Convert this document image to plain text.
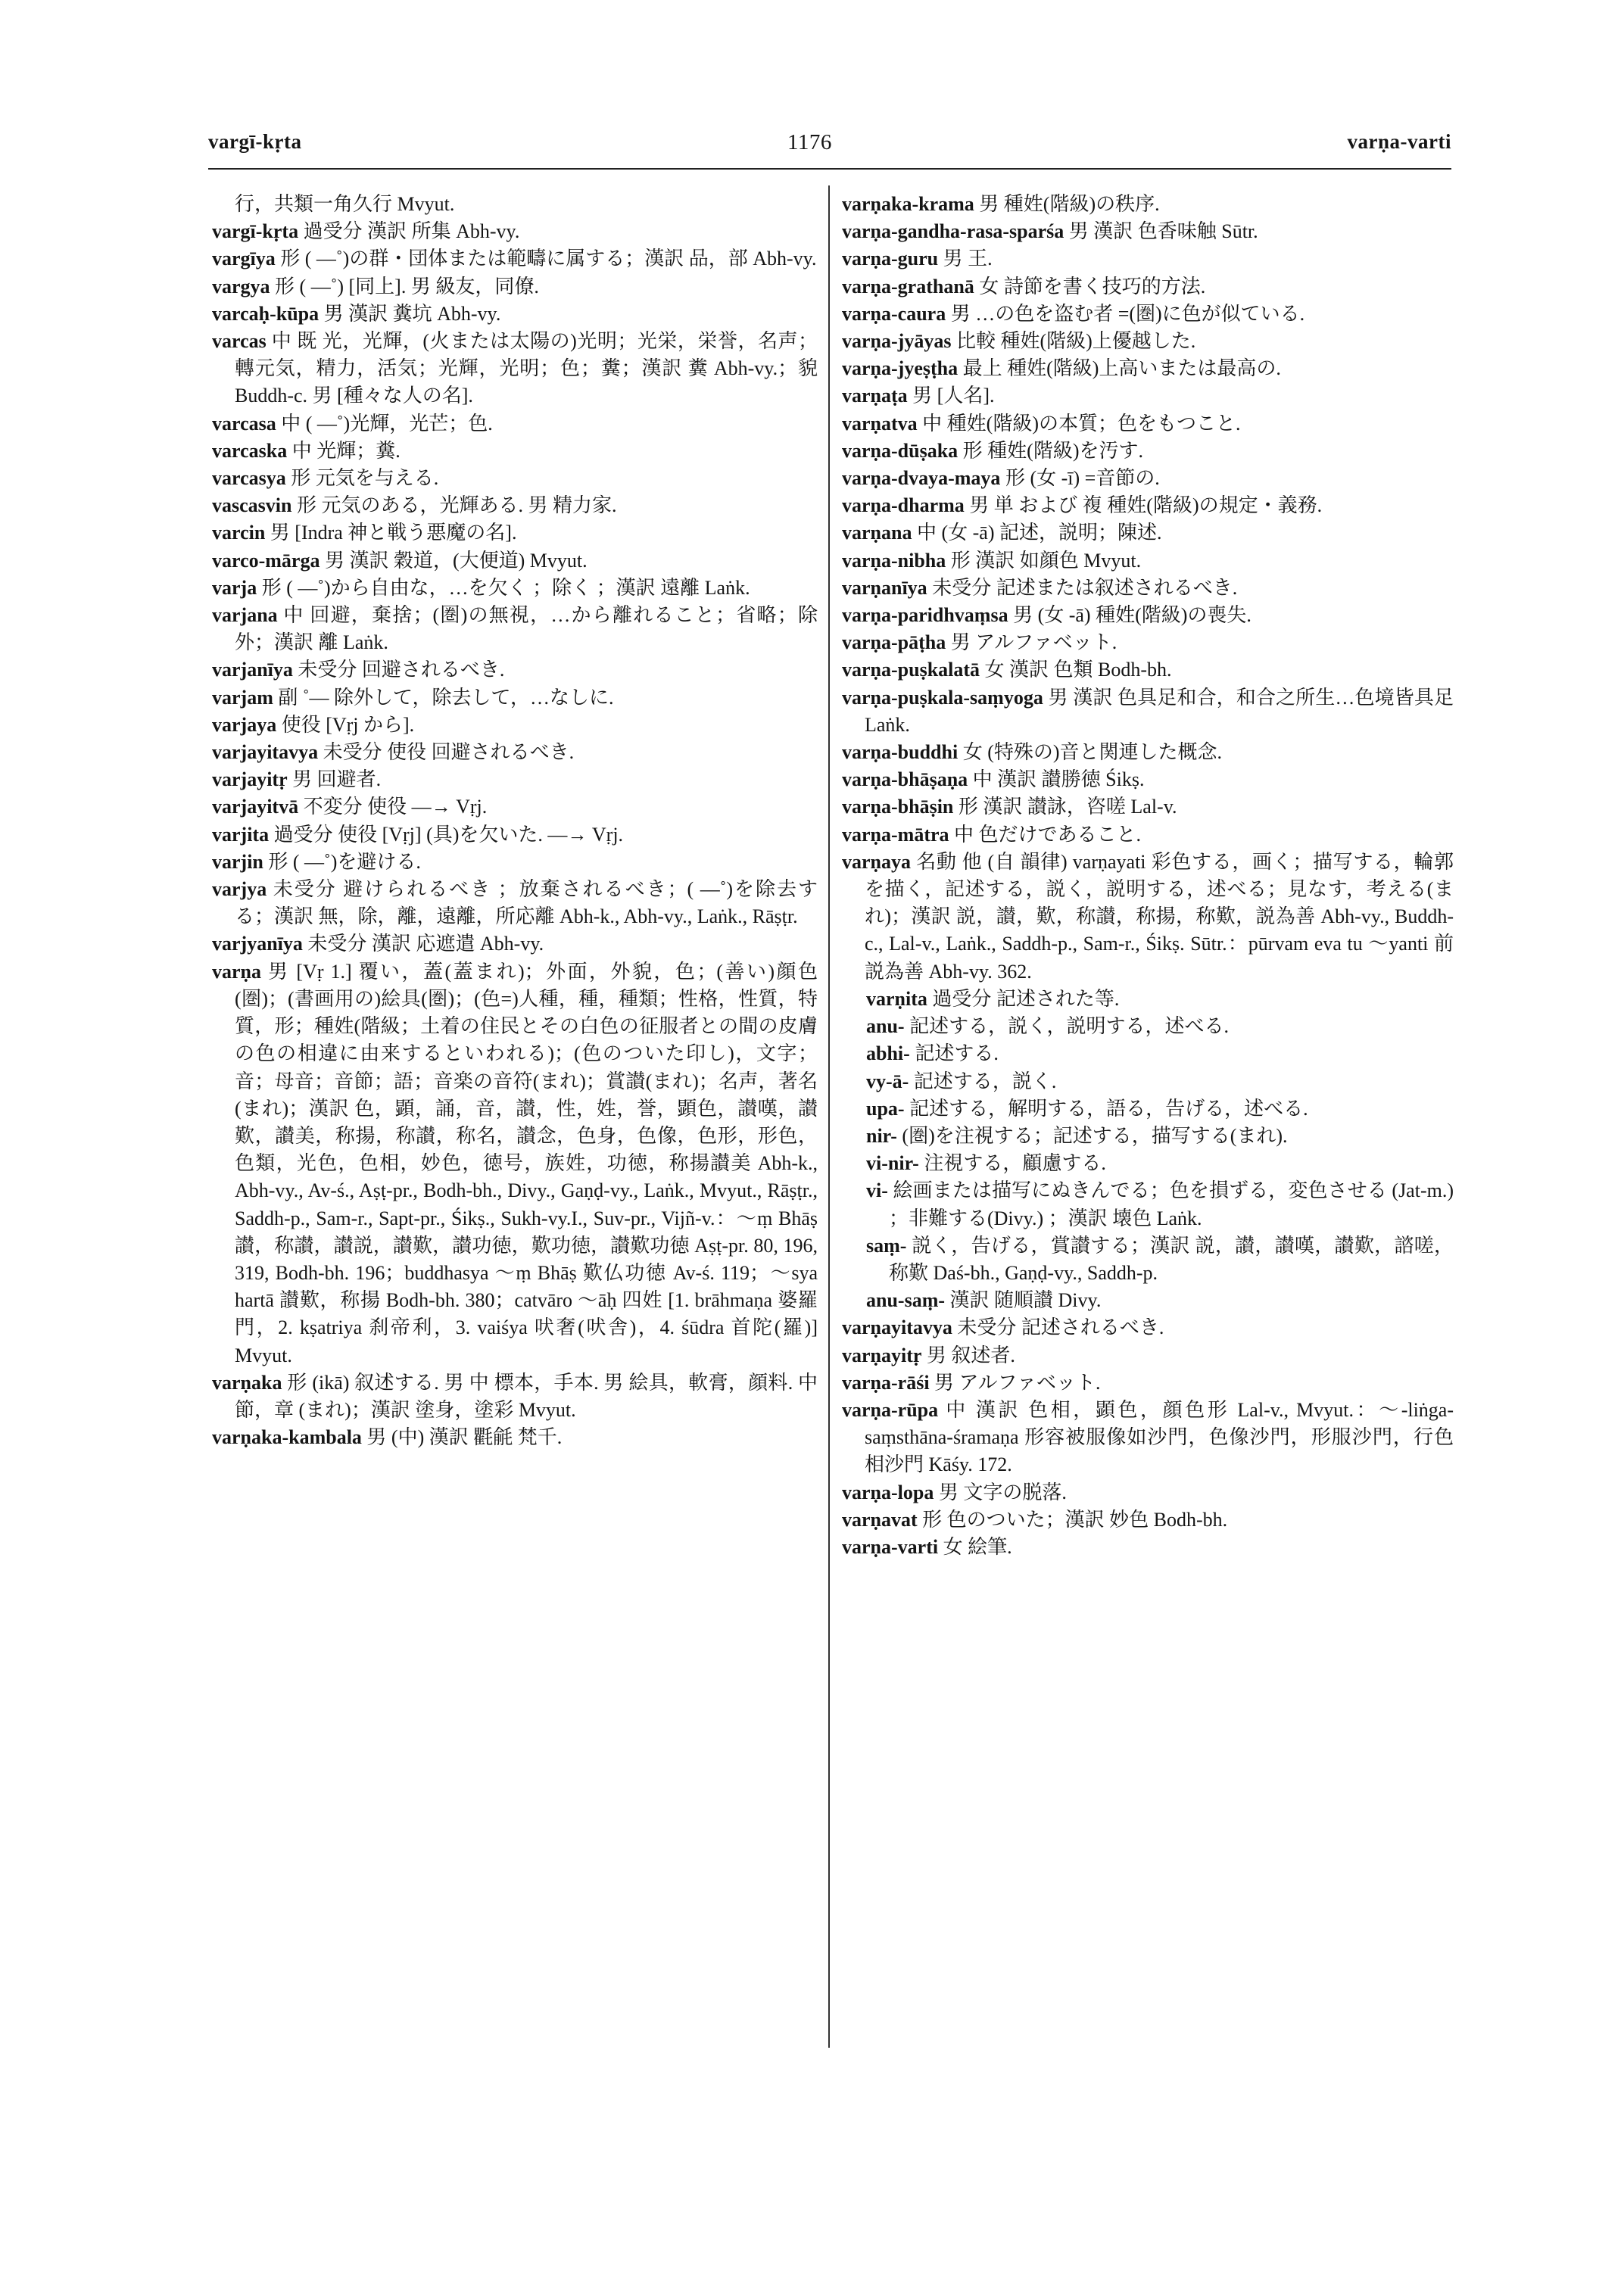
vargī-kṛta	1176	varṇa-varti

行，共類一角久行 Mvyut.

vargī-kṛta 過受分 漢訳 所集 Abh-vy.

vargīya 形 ( —˚)の群・団体または範疇に属する；漢訳 品，部 Abh-vy.

vargya 形 ( —˚) [同上]. 男 級友，同僚.

varcaḥ-kūpa 男 漢訳 糞坑 Abh-vy.

varcas 中 既 光，光輝，(火または太陽の)光明；光栄，栄誉，名声；轉元気，精力，活気；光輝，光明；色；糞；漢訳 糞 Abh-vy.；貌 Buddh-c. 男 [種々な人の名].

varcasa 中 ( —˚)光輝，光芒；色.

varcaska 中 光輝；糞.

varcasya 形 元気を与える.

vascasvin 形 元気のある，光輝ある. 男 精力家.

varcin 男 [Indra 神と戦う悪魔の名].

varco-mārga 男 漢訳 穀道，(大便道) Mvyut.

varja 形 ( —˚)から自由な，…を欠く ；除く ；漢訳 遠離 Laṅk.

varjana 中 回避，棄捨；(圏)の無視，…から離れること；省略；除外；漢訳 離 Laṅk.

varjanīya 未受分 回避されるべき.

varjam 副 ˚— 除外して，除去して，…なしに.

varjaya 使役 [Vṛj から].

varjayitavya 未受分 使役 回避されるべき.

varjayitṛ 男 回避者.

varjayitvā 不変分 使役 —→ Vṛj.

varjita 過受分 使役 [Vṛj] (具)を欠いた. —→ Vṛj.

varjin 形 ( —˚)を避ける.

varjya 未受分 避けられるべき ；放棄されるべき；( —˚)を除去する；漢訳 無，除，離，遠離，所応離 Abh-k., Abh-vy., Laṅk., Rāṣṭr.

varjyanīya 未受分 漢訳 応遮遣 Abh-vy.

varṇa 男 [Vṛ 1.] 覆い，蓋(蓋まれ)；外面，外貌，色；(善い)顔色(圏)；(書画用の)絵具(圏)；(色=)人種，種，種類；性格，性質，特質，形；種姓(階級；土着の住民とその白色の征服者との間の皮膚の色の相違に由来するといわれる)；(色のついた印し)，文字；音；母音；音節；語；音楽の音符(まれ)；賞讃(まれ)；名声，著名(まれ)；漢訳 色，顕，誦，音，讃，性，姓，誉，顕色，讃嘆，讃歎，讃美，称揚，称讃，称名，讃念，色身，色像，色形，形色，色類，光色，色相，妙色，徳号，族姓，功徳，称揚讃美 Abh-k., Abh-vy., Av-ś., Aṣṭ-pr., Bodh-bh., Divy., Gaṇḍ-vy., Laṅk., Mvyut., Rāṣṭr., Saddh-p., Sam-r., Sapt-pr., Śikṣ., Sukh-vy.I., Suv-pr., Vijñ-v.：〜ṃ Bhāṣ 讃，称讃，讃説，讃歎，讃功徳，歎功徳，讃歎功徳 Aṣṭ-pr. 80, 196, 319, Bodh-bh. 196；buddhasya 〜ṃ Bhāṣ 歎仏功徳 Av-ś. 119；〜sya hartā 讃歎，称揚 Bodh-bh. 380；catvāro 〜āḥ 四姓 [1. brāhmaṇa 婆羅門，2. kṣatriya 刹帝利，3. vaiśya 吠奢(吠舎)，4. śūdra 首陀(羅)] Mvyut.

varṇaka 形 (ikā) 叙述する. 男 中 標本，手本. 男 絵具，軟膏，顔料. 中 節，章 (まれ)；漢訳 塗身，塗彩 Mvyut.

varṇaka-kambala 男 (中) 漢訳 氍毹 梵千.

varṇaka-krama 男 種姓(階級)の秩序.

varṇa-gandha-rasa-sparśa 男 漢訳 色香味触 Sūtr.

varṇa-guru 男 王.

varṇa-grathanā 女 詩節を書く技巧的方法.

varṇa-caura 男 …の色を盗む者 =(圏)に色が似ている.

varṇa-jyāyas 比較 種姓(階級)上優越した.

varṇa-jyeṣṭha 最上 種姓(階級)上高いまたは最高の.

varṇaṭa 男 [人名].

varṇatva 中 種姓(階級)の本質；色をもつこと.

varṇa-dūṣaka 形 種姓(階級)を汚す.

varṇa-dvaya-maya 形 (女 -ī) =音節の.

varṇa-dharma 男 単 および 複 種姓(階級)の規定・義務.

varṇana 中 (女 -ā) 記述，説明；陳述.

varṇa-nibha 形 漢訳 如顔色 Mvyut.

varṇanīya 未受分 記述または叙述されるべき.

varṇa-paridhvaṃsa 男 (女 -ā) 種姓(階級)の喪失.

varṇa-pāṭha 男 アルファベット.

varṇa-puṣkalatā 女 漢訳 色類 Bodh-bh.

varṇa-puṣkala-saṃyoga 男 漢訳 色具足和合，和合之所生…色境皆具足 Laṅk.

varṇa-buddhi 女 (特殊の)音と関連した概念.

varṇa-bhāṣaṇa 中 漢訳 讃勝徳 Śikṣ.

varṇa-bhāṣin 形 漢訳 讃詠，咨嗟 Lal-v.

varṇa-mātra 中 色だけであること.

varṇaya 名動 他 (自 韻律) varṇayati 彩色する，画く；描写する，輪郭を描く，記述する，説く，説明する，述べる；見なす，考える(まれ)；漢訳 説，讃，歎，称讃，称揚，称歎，説為善 Abh-vy., Buddh-c., Lal-v., Laṅk., Saddh-p., Sam-r., Śikṣ. Sūtr.：pūrvam eva tu 〜yanti 前説為善 Abh-vy. 362.

varṇita 過受分 記述された等.

anu- 記述する，説く，説明する，述べる.

abhi- 記述する.

vy-ā- 記述する，説く.

upa- 記述する，解明する，語る，告げる，述べる.

nir- (圏)を注視する；記述する，描写する(まれ).

vi-nir- 注視する，顧慮する.

vi- 絵画または描写にぬきんでる；色を損ずる，変色させる (Jat-m.) ；非難する(Divy.) ；漢訳 壊色 Laṅk.

saṃ- 説く，告げる，賞讃する；漢訳 説，讃，讃嘆，讃歎，諮嗟，称歎 Daś-bh., Gaṇḍ-vy., Saddh-p.

anu-saṃ- 漢訳 随順讃 Divy.

varṇayitavya 未受分 記述されるべき.

varṇayitṛ 男 叙述者.

varṇa-rāśi 男 アルファベット.

varṇa-rūpa 中 漢訳 色相，顕色，顔色形 Lal-v., Mvyut.：〜-liṅga-saṃsthāna-śramaṇa 形容被服像如沙門，色像沙門，形服沙門，行色相沙門 Kāśy. 172.

varṇa-lopa 男 文字の脱落.

varṇavat 形 色のついた；漢訳 妙色 Bodh-bh.

varṇa-varti 女 絵筆.
